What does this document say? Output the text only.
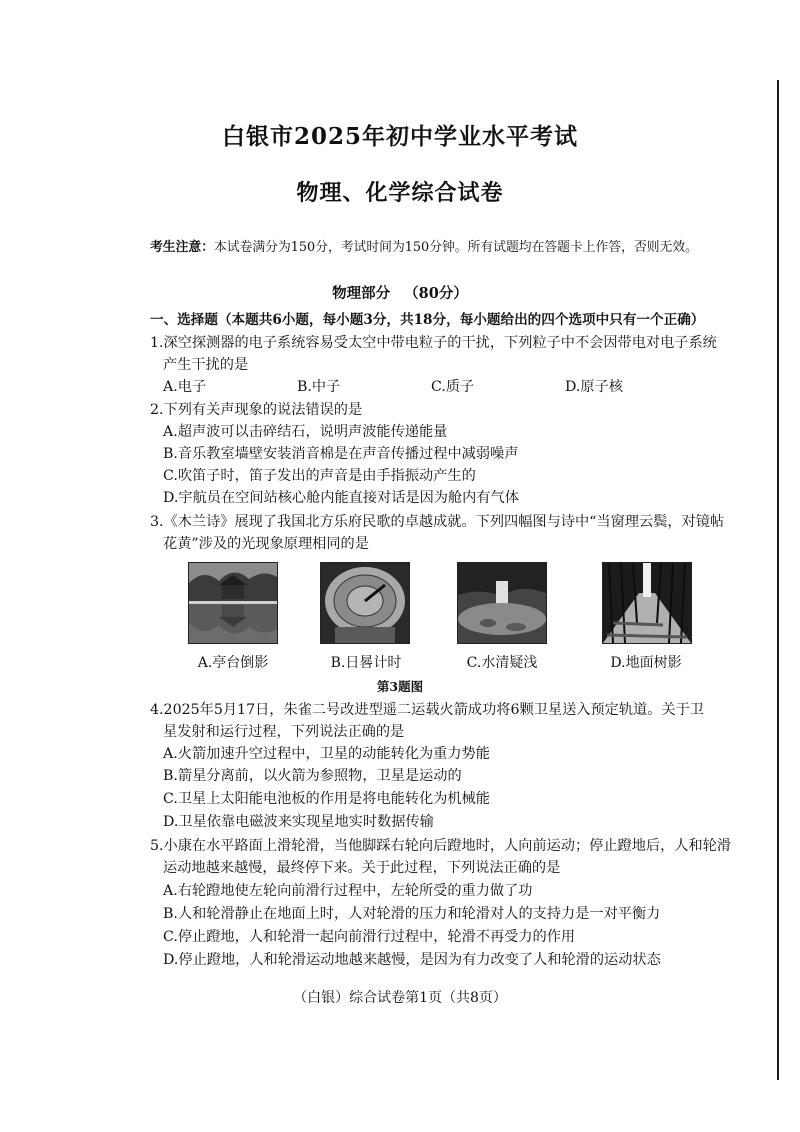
白银市2025年初中学业水平考试
物理、化学综合试卷
考生注意：本试卷满分为150分，考试时间为150分钟。所有试题均在答题卡上作答，否则无效。
物理部分 （80分）
一、选择题（本题共6小题，每小题3分，共18分，每小题给出的四个选项中只有一个正确）
1.深空探测器的电子系统容易受太空中带电粒子的干扰，下列粒子中不会因带电对电子系统
产生干扰的是
A.电子	B.中子	C.质子	D.原子核
2.下列有关声现象的说法错误的是
A.超声波可以击碎结石，说明声波能传递能量
B.音乐教室墙壁安装消音棉是在声音传播过程中减弱噪声
C.吹笛子时，笛子发出的声音是由手指振动产生的
D.宇航员在空间站核心舱内能直接对话是因为舱内有气体
3.《木兰诗》展现了我国北方乐府民歌的卓越成就。下列四幅图与诗中“当窗理云鬓，对镜帖
花黄”涉及的光现象原理相同的是
A.亭台倒影	B.日晷计时	C.水清疑浅	D.地面树影
第3题图
4.2025年5月17日，朱雀二号改进型遥二运载火箭成功将6颗卫星送入预定轨道。关于卫
星发射和运行过程，下列说法正确的是
A.火箭加速升空过程中，卫星的动能转化为重力势能
B.箭星分离前，以火箭为参照物，卫星是运动的
C.卫星上太阳能电池板的作用是将电能转化为机械能
D.卫星依靠电磁波来实现星地实时数据传输
5.小康在水平路面上滑轮滑，当他脚踩右轮向后蹬地时，人向前运动；停止蹬地后，人和轮滑
运动地越来越慢，最终停下来。关于此过程，下列说法正确的是
A.右轮蹬地使左轮向前滑行过程中，左轮所受的重力做了功
B.人和轮滑静止在地面上时，人对轮滑的压力和轮滑对人的支持力是一对平衡力
C.停止蹬地，人和轮滑一起向前滑行过程中，轮滑不再受力的作用
D.停止蹬地，人和轮滑运动地越来越慢，是因为有力改变了人和轮滑的运动状态
（白银）综合试卷第1页（共8页）
